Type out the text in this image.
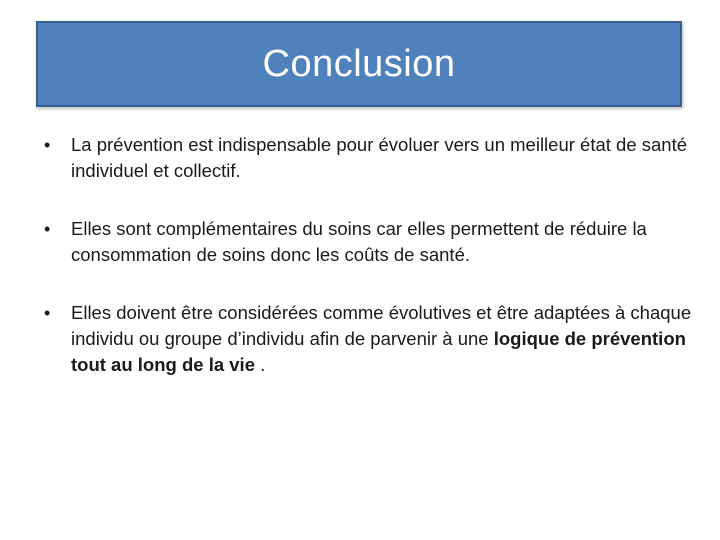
Conclusion
• La prévention est indispensable pour évoluer vers un meilleur état de santé individuel et collectif.
• Elles sont complémentaires du soins car elles permettent de réduire la consommation de soins donc les coûts de santé.
• Elles doivent être considérées comme évolutives et être adaptées à chaque individu ou groupe d’individu afin de parvenir à une logique de prévention tout au long de la vie .
